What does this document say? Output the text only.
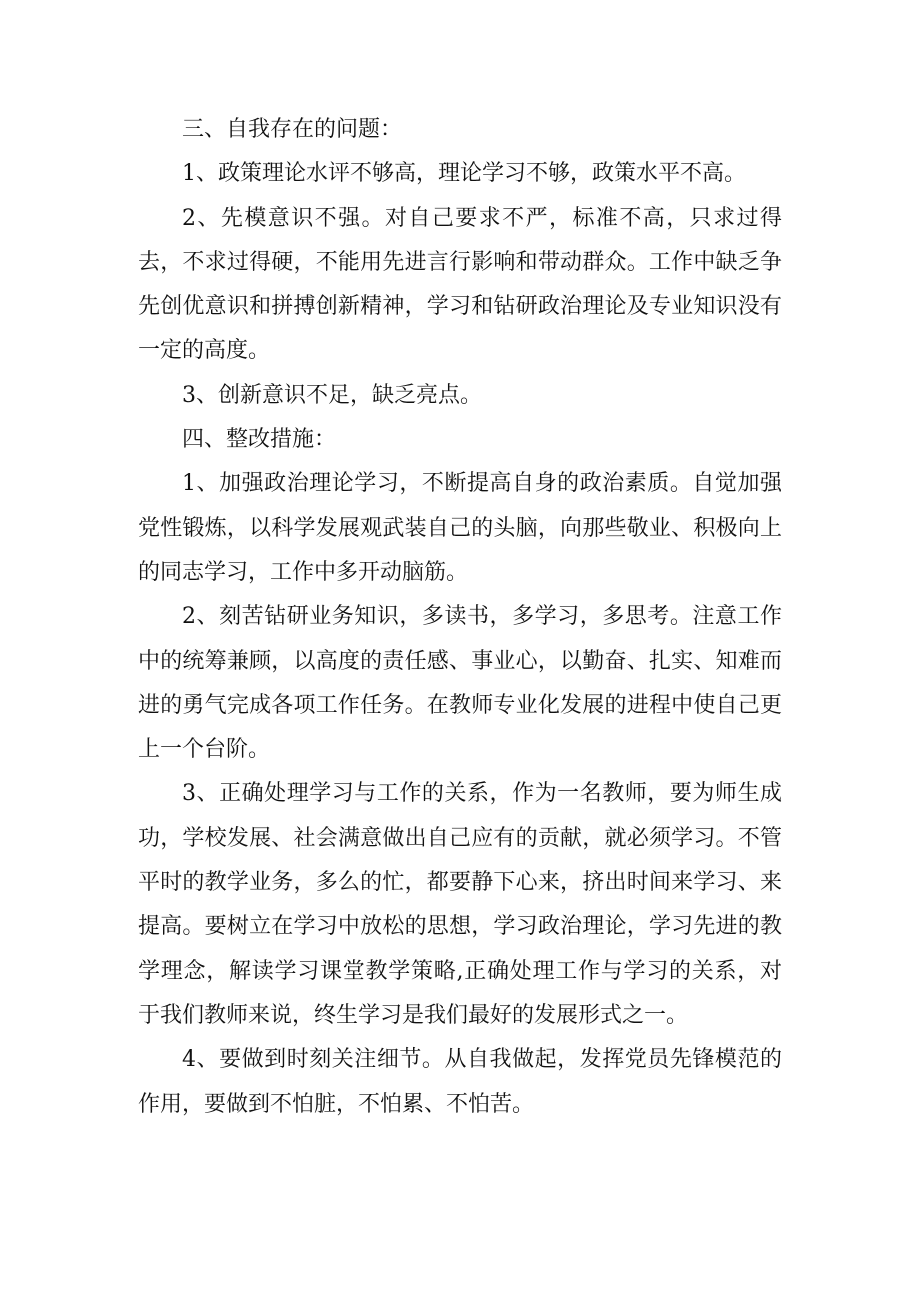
三、自我存在的问题：

1、政策理论水评不够高，理论学习不够，政策水平不高。

2、先模意识不强。对自己要求不严，标准不高，只求过得去，不求过得硬，不能用先进言行影响和带动群众。工作中缺乏争先创优意识和拼搏创新精神，学习和钻研政治理论及专业知识没有一定的高度。

3、创新意识不足，缺乏亮点。

四、整改措施：

1、加强政治理论学习，不断提高自身的政治素质。自觉加强党性锻炼，以科学发展观武装自己的头脑，向那些敬业、积极向上的同志学习，工作中多开动脑筋。

2、刻苦钻研业务知识，多读书，多学习，多思考。注意工作中的统筹兼顾，以高度的责任感、事业心，以勤奋、扎实、知难而进的勇气完成各项工作任务。在教师专业化发展的进程中使自己更上一个台阶。

3、正确处理学习与工作的关系，作为一名教师，要为师生成功，学校发展、社会满意做出自己应有的贡献，就必须学习。不管平时的教学业务，多么的忙，都要静下心来，挤出时间来学习、来提高。要树立在学习中放松的思想，学习政治理论，学习先进的教学理念，解读学习课堂教学策略,正确处理工作与学习的关系，对于我们教师来说，终生学习是我们最好的发展形式之一。

4、要做到时刻关注细节。从自我做起，发挥党员先锋模范的作用，要做到不怕脏，不怕累、不怕苦。
